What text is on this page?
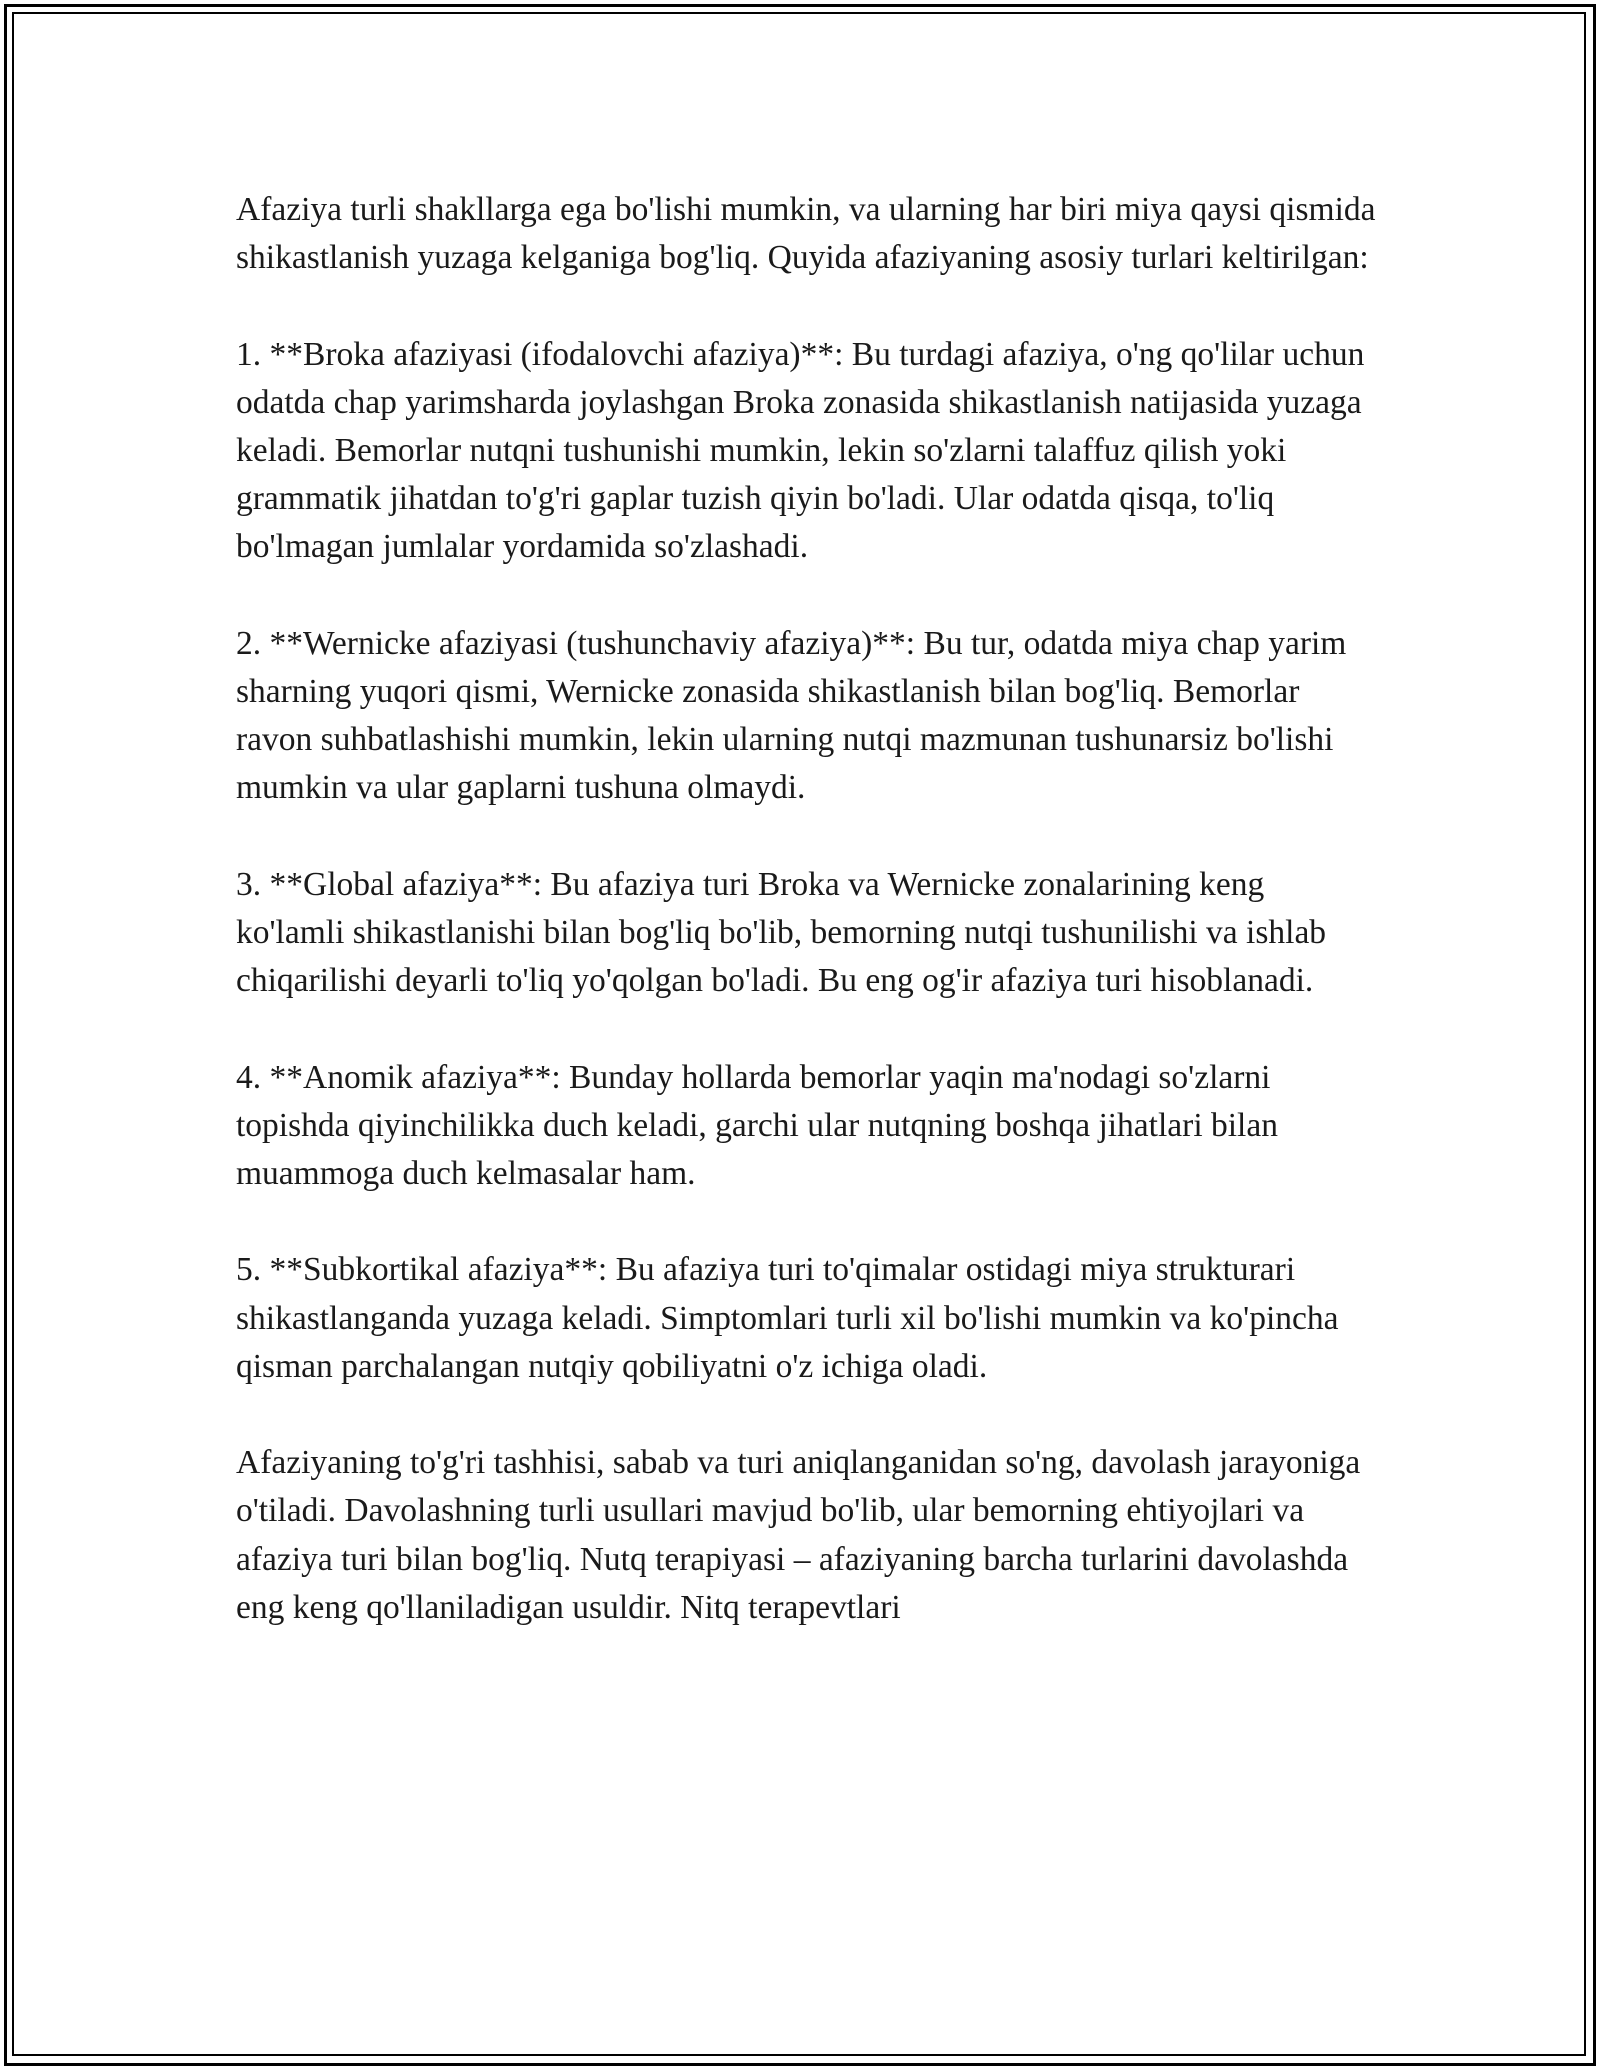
Afaziya turli shakllarga ega bo'lishi mumkin, va ularning har biri miya qaysi qismida shikastlanish yuzaga kelganiga bog'liq. Quyida afaziyaning asosiy turlari keltirilgan:

1. **Broka afaziyasi (ifodalovchi afaziya)**: Bu turdagi afaziya, o'ng qo'lilar uchun odatda chap yarimsharda joylashgan Broka zonasida shikastlanish natijasida yuzaga keladi. Bemorlar nutqni tushunishi mumkin, lekin so'zlarni talaffuz qilish yoki grammatik jihatdan to'g'ri gaplar tuzish qiyin bo'ladi. Ular odatda qisqa, to'liq bo'lmagan jumlalar yordamida so'zlashadi.

2. **Wernicke afaziyasi (tushunchaviy afaziya)**: Bu tur, odatda miya chap yarim sharning yuqori qismi, Wernicke zonasida shikastlanish bilan bog'liq. Bemorlar ravon suhbatlashishi mumkin, lekin ularning nutqi mazmunan tushunarsiz bo'lishi mumkin va ular gaplarni tushuna olmaydi.

3. **Global afaziya**: Bu afaziya turi Broka va Wernicke zonalarining keng ko'lamli shikastlanishi bilan bog'liq bo'lib, bemorning nutqi tushunilishi va ishlab chiqarilishi deyarli to'liq yo'qolgan bo'ladi. Bu eng og'ir afaziya turi hisoblanadi.

4. **Anomik afaziya**: Bunday hollarda bemorlar yaqin ma'nodagi so'zlarni topishda qiyinchilikka duch keladi, garchi ular nutqning boshqa jihatlari bilan muammoga duch kelmasalar ham.

5. **Subkortikal afaziya**: Bu afaziya turi to'qimalar ostidagi miya strukturari shikastlanganda yuzaga keladi. Simptomlari turli xil bo'lishi mumkin va ko'pincha qisman parchalangan nutqiy qobiliyatni o'z ichiga oladi.

Afaziyaning to'g'ri tashhisi, sabab va turi aniqlanganidan so'ng, davolash jarayoniga o'tiladi. Davolashning turli usullari mavjud bo'lib, ular bemorning ehtiyojlari va afaziya turi bilan bog'liq. Nutq terapiyasi – afaziyaning barcha turlarini davolashda eng keng qo'llaniladigan usuldir. Nitq terapevtlari
